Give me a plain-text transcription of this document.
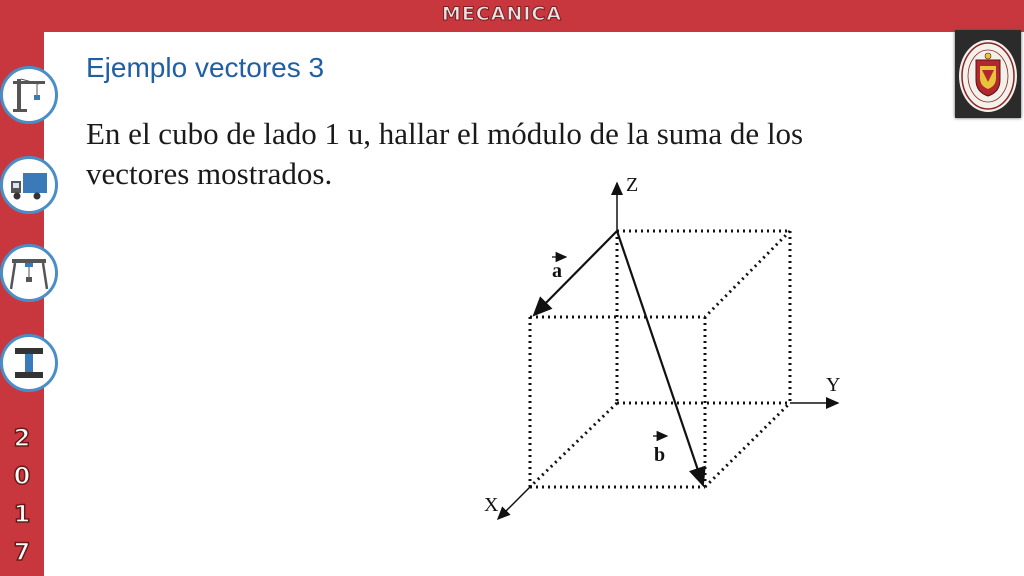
MECANICA
2
0
1
7
Ejemplo vectores 3
En el cubo de lado 1 u, hallar el módulo de la suma de los
vectores mostrados.	Z
Y
X
a
b
